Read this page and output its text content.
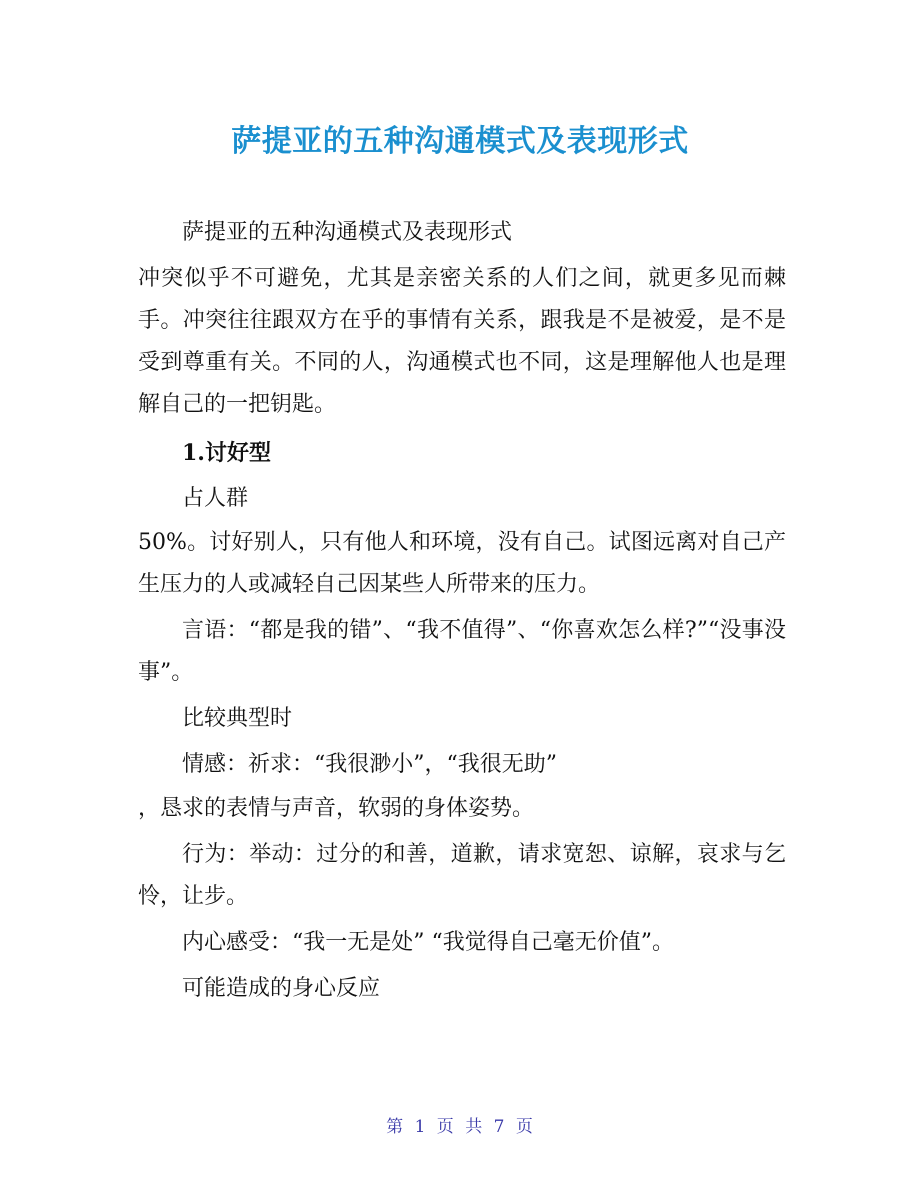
萨提亚的五种沟通模式及表现形式

萨提亚的五种沟通模式及表现形式

冲突似乎不可避免，尤其是亲密关系的人们之间，就更多见而棘手。冲突往往跟双方在乎的事情有关系，跟我是不是被爱，是不是受到尊重有关。不同的人，沟通模式也不同，这是理解他人也是理解自己的一把钥匙。

1.讨好型

占人群

50%。讨好别人，只有他人和环境，没有自己。试图远离对自己产生压力的人或减轻自己因某些人所带来的压力。

言语：“都是我的错”、“我不值得”、“你喜欢怎么样?”“没事没事”。

比较典型时

情感：祈求：“我很渺小”，“我很无助”

，恳求的表情与声音，软弱的身体姿势。

行为：举动：过分的和善，道歉，请求宽恕、谅解，哀求与乞怜，让步。

内心感受：“我一无是处” “我觉得自己毫无价值”。

可能造成的身心反应

第 1 页 共 7 页
